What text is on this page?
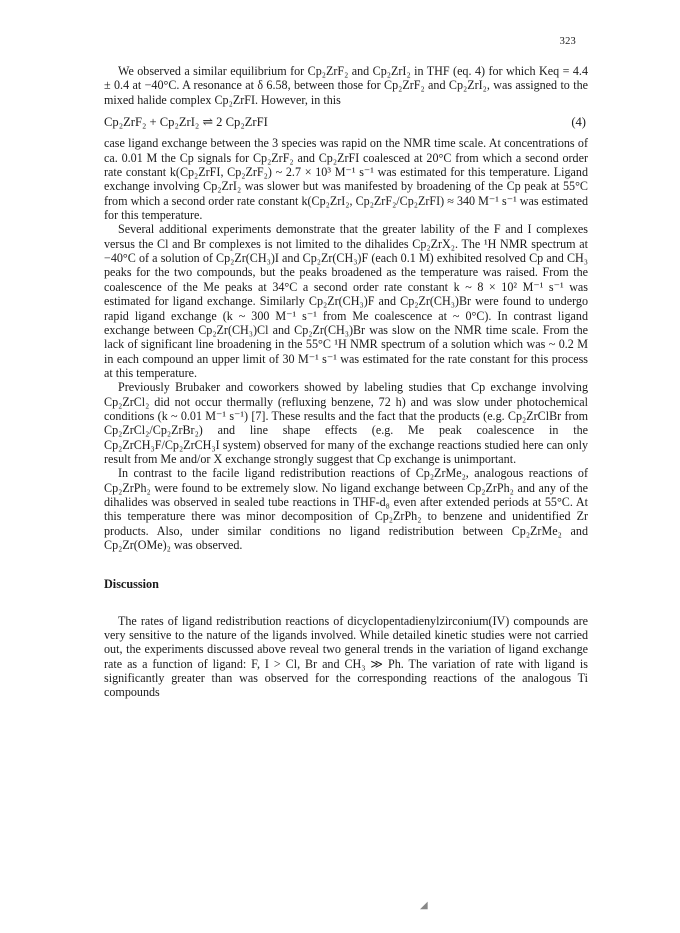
323

We observed a similar equilibrium for Cp₂ZrF₂ and Cp₂ZrI₂ in THF (eq. 4) for which Keq = 4.4 ± 0.4 at −40°C. A resonance at δ 6.58, between those for Cp₂ZrF₂ and Cp₂ZrI₂, was assigned to the mixed halide complex Cp₂ZrFI. However, in this

Cp₂ZrF₂ + Cp₂ZrI₂ ⇌ 2 Cp₂ZrFI	(4)

case ligand exchange between the 3 species was rapid on the NMR time scale. At concentrations of ca. 0.01 M the Cp signals for Cp₂ZrF₂ and Cp₂ZrFI coalesced at 20°C from which a second order rate constant k(Cp₂ZrFI, Cp₂ZrF₂) ~ 2.7 × 10³ M⁻¹ s⁻¹ was estimated for this temperature. Ligand exchange involving Cp₂ZrI₂ was slower but was manifested by broadening of the Cp peak at 55°C from which a second order rate constant k(Cp₂ZrI₂, Cp₂ZrF₂/Cp₂ZrFI) ≈ 340 M⁻¹ s⁻¹ was estimated for this temperature.

Several additional experiments demonstrate that the greater lability of the F and I complexes versus the Cl and Br complexes is not limited to the dihalides Cp₂ZrX₂. The ¹H NMR spectrum at −40°C of a solution of Cp₂Zr(CH₃)I and Cp₂Zr(CH₃)F (each 0.1 M) exhibited resolved Cp and CH₃ peaks for the two compounds, but the peaks broadened as the temperature was raised. From the coalescence of the Me peaks at 34°C a second order rate constant k ~ 8 × 10² M⁻¹ s⁻¹ was estimated for ligand exchange. Similarly Cp₂Zr(CH₃)F and Cp₂Zr(CH₃)Br were found to undergo rapid ligand exchange (k ~ 300 M⁻¹ s⁻¹ from Me coalescence at ~ 0°C). In contrast ligand exchange between Cp₂Zr(CH₃)Cl and Cp₂Zr(CH₃)Br was slow on the NMR time scale. From the lack of significant line broadening in the 55°C ¹H NMR spectrum of a solution which was ~ 0.2 M in each compound an upper limit of 30 M⁻¹ s⁻¹ was estimated for the rate constant for this process at this temperature.

Previously Brubaker and coworkers showed by labeling studies that Cp exchange involving Cp₂ZrCl₂ did not occur thermally (refluxing benzene, 72 h) and was slow under photochemical conditions (k ~ 0.01 M⁻¹ s⁻¹) [7]. These results and the fact that the products (e.g. Cp₂ZrClBr from Cp₂ZrCl₂/Cp₂ZrBr₂) and line shape effects (e.g. Me peak coalescence in the Cp₂ZrCH₃F/Cp₂ZrCH₃I system) observed for many of the exchange reactions studied here can only result from Me and/or X exchange strongly suggest that Cp exchange is unimportant.

In contrast to the facile ligand redistribution reactions of Cp₂ZrMe₂, analogous reactions of Cp₂ZrPh₂ were found to be extremely slow. No ligand exchange between Cp₂ZrPh₂ and any of the dihalides was observed in sealed tube reactions in THF-d₈ even after extended periods at 55°C. At this temperature there was minor decomposition of Cp₂ZrPh₂ to benzene and unidentified Zr products. Also, under similar conditions no ligand redistribution between Cp₂ZrMe₂ and Cp₂Zr(OMe)₂ was observed.

Discussion

The rates of ligand redistribution reactions of dicyclopentadienylzirconium(IV) compounds are very sensitive to the nature of the ligands involved. While detailed kinetic studies were not carried out, the experiments discussed above reveal two general trends in the variation of ligand exchange rate as a function of ligand: F, I > Cl, Br and CH₃ ≫ Ph. The variation of rate with ligand is significantly greater than was observed for the corresponding reactions of the analogous Ti compounds

◢
